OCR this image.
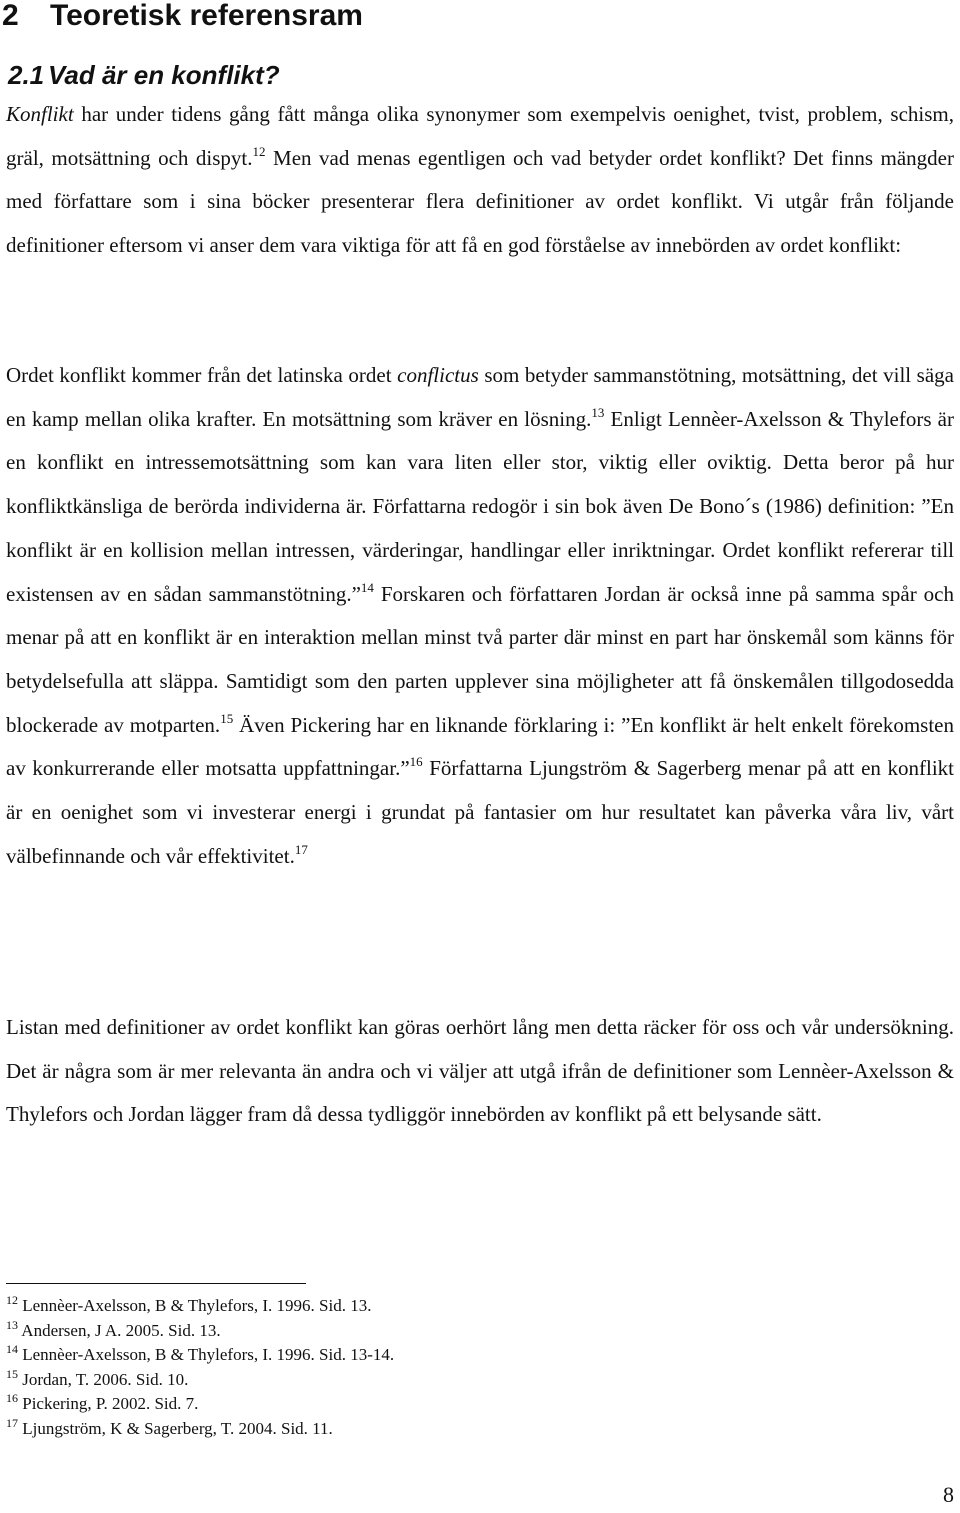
2 Teoretisk referensram
2.1 Vad är en konflikt?

Konflikt har under tidens gång fått många olika synonymer som exempelvis oenighet, tvist, problem, schism, gräl, motsättning och dispyt.$^{12}$ Men vad menas egentligen och vad betyder ordet konflikt? Det finns mängder med författare som i sina böcker presenterar flera definitioner av ordet konflikt. Vi utgår från följande definitioner eftersom vi anser dem vara viktiga för att få en god förståelse av innebörden av ordet konflikt:

Ordet konflikt kommer från det latinska ordet conflictus som betyder sammanstötning, motsättning, det vill säga en kamp mellan olika krafter. En motsättning som kräver en lösning.$^{13}$ Enligt Lennèer-Axelsson & Thylefors är en konflikt en intressemotsättning som kan vara liten eller stor, viktig eller oviktig. Detta beror på hur konfliktkänsliga de berörda individerna är. Författarna redogör i sin bok även De Bono´s (1986) definition: ”En konflikt är en kollision mellan intressen, värderingar, handlingar eller inriktningar. Ordet konflikt refererar till existensen av en sådan sammanstötning.”$^{14}$ Forskaren och författaren Jordan är också inne på samma spår och menar på att en konflikt är en interaktion mellan minst två parter där minst en part har önskemål som känns för betydelsefulla att släppa. Samtidigt som den parten upplever sina möjligheter att få önskemålen tillgodosedda blockerade av motparten.$^{15}$ Även Pickering har en liknande förklaring i: ”En konflikt är helt enkelt förekomsten av konkurrerande eller motsatta uppfattningar.”$^{16}$ Författarna Ljungström & Sagerberg menar på att en konflikt är en oenighet som vi investerar energi i grundat på fantasier om hur resultatet kan påverka våra liv, vårt välbefinnande och vår effektivitet.$^{17}$

Listan med definitioner av ordet konflikt kan göras oerhört lång men detta räcker för oss och vår undersökning. Det är några som är mer relevanta än andra och vi väljer att utgå ifrån de definitioner som Lennèer-Axelsson & Thylefors och Jordan lägger fram då dessa tydliggör innebörden av konflikt på ett belysande sätt.

$^{12}$ Lennèer-Axelsson, B & Thylefors, I. 1996. Sid. 13.
$^{13}$ Andersen, J A. 2005. Sid. 13.
$^{14}$ Lennèer-Axelsson, B & Thylefors, I. 1996. Sid. 13-14.
$^{15}$ Jordan, T. 2006. Sid. 10.
$^{16}$ Pickering, P. 2002. Sid. 7.
$^{17}$ Ljungström, K & Sagerberg, T. 2004. Sid. 11.
8
